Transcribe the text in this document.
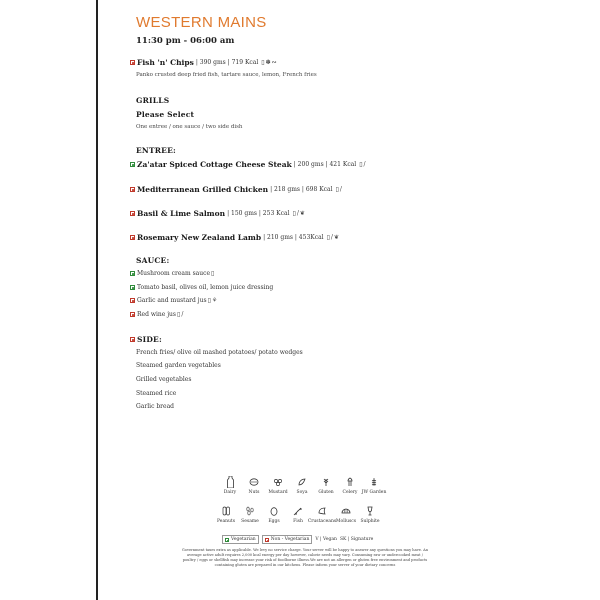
WESTERN MAINS
11:30 pm - 06:00 am
Fish 'n' Chips | 390 gms | 719 Kcal ▯ ✽ ∾
Panko crusted deep fried fish, tartare sauce, lemon, French fries
GRILLS
Please Select
One entree / one sauce / two side dish
ENTREE:
Za'atar Spiced Cottage Cheese Steak | 200 gms | 421 Kcal ▯ /
Mediterranean Grilled Chicken | 218 gms | 698 Kcal ▯ /
Basil & Lime Salmon | 150 gms | 253 Kcal ▯ / ❦
Rosemary New Zealand Lamb | 210 gms | 453Kcal ▯ / ❦
SAUCE:
Mushroom cream sauce ▯
Tomato basil, olives oil, lemon juice dressing
Garlic and mustard jus ▯ ⚘
Red wine jus ▯ /
SIDE:
French fries/ olive oil mashed potatoes/ potato wedges
Steamed garden vegetables
Grilled vegetables
Steamed rice
Garlic bread
Dairy	Nuts Mustard Soya Gluten Celery JW Garden
Peanuts Sesame Eggs	Fish Crustaceans Molluscs Sulphite
Vegetarian	Non - Vegetarian V | Vegan SK | Signature
Government taxes extra as applicable. We levy no service charge. Your server will be happy to answer any questions you may have. An average active adult requires 2,000 kcal energy per day however, calorie needs may vary. Consuming raw or undercooked meat / poultry / eggs or shellfish may increase your risk of foodborne illness.We are not an allergen or gluten free environment and products containing gluten are prepared in our kitchens. Please inform your server of your dietary concerns
